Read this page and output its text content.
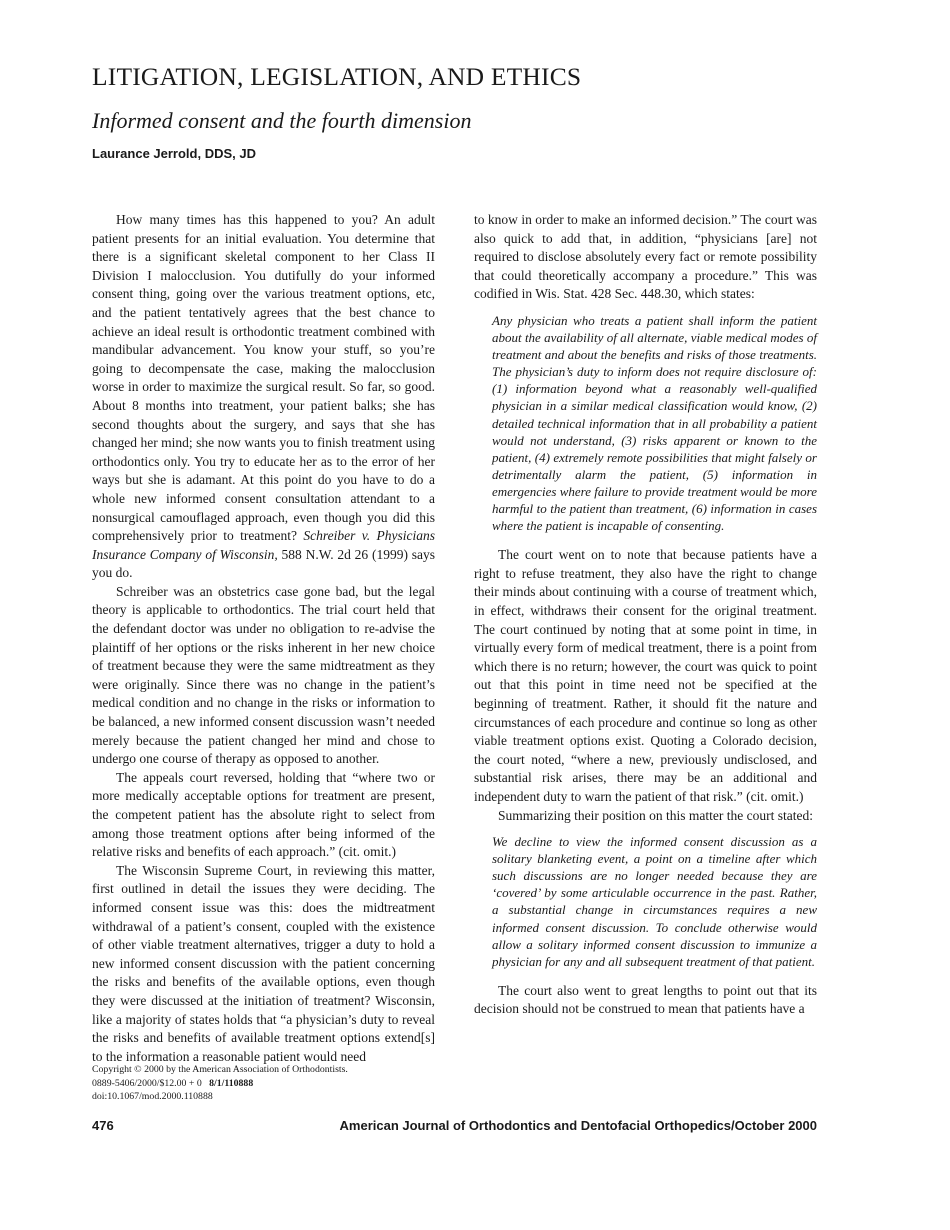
LITIGATION, LEGISLATION, AND ETHICS
Informed consent and the fourth dimension
Laurance Jerrold, DDS, JD

How many times has this happened to you? An adult patient presents for an initial evaluation. You determine that there is a significant skeletal component to her Class II Division I malocclusion. You dutifully do your informed consent thing, going over the various treatment options, etc, and the patient tentatively agrees that the best chance to achieve an ideal result is orthodontic treatment combined with mandibular advancement. You know your stuff, so you’re going to decompensate the case, making the malocclusion worse in order to maximize the surgical result. So far, so good. About 8 months into treatment, your patient balks; she has second thoughts about the surgery, and says that she has changed her mind; she now wants you to finish treatment using orthodontics only. You try to educate her as to the error of her ways but she is adamant. At this point do you have to do a whole new informed consent consultation attendant to a nonsurgical camouflaged approach, even though you did this comprehensively prior to treatment? Schreiber v. Physicians Insurance Company of Wisconsin, 588 N.W. 2d 26 (1999) says you do.

Schreiber was an obstetrics case gone bad, but the legal theory is applicable to orthodontics. The trial court held that the defendant doctor was under no obligation to re-advise the plaintiff of her options or the risks inherent in her new choice of treatment because they were the same midtreatment as they were originally. Since there was no change in the patient’s medical condition and no change in the risks or information to be balanced, a new informed consent discussion wasn’t needed merely because the patient changed her mind and chose to undergo one course of therapy as opposed to another.

The appeals court reversed, holding that “where two or more medically acceptable options for treatment are present, the competent patient has the absolute right to select from among those treatment options after being informed of the relative risks and benefits of each approach.” (cit. omit.)

The Wisconsin Supreme Court, in reviewing this matter, first outlined in detail the issues they were deciding. The informed consent issue was this: does the midtreatment withdrawal of a patient’s consent, coupled with the existence of other viable treatment alternatives, trigger a duty to hold a new informed consent discussion with the patient concerning the risks and benefits of the available options, even though they were discussed at the initiation of treatment? Wisconsin, like a majority of states holds that “a physician’s duty to reveal the risks and benefits of available treatment options extend[s] to the information a reasonable patient would need

to know in order to make an informed decision.” The court was also quick to add that, in addition, “physicians [are] not required to disclose absolutely every fact or remote possibility that could theoretically accompany a procedure.” This was codified in Wis. Stat. 428 Sec. 448.30, which states:

Any physician who treats a patient shall inform the patient about the availability of all alternate, viable medical modes of treatment and about the benefits and risks of those treatments. The physician’s duty to inform does not require disclosure of: (1) information beyond what a reasonably well-qualified physician in a similar medical classification would know, (2) detailed technical information that in all probability a patient would not understand, (3) risks apparent or known to the patient, (4) extremely remote possibilities that might falsely or detrimentally alarm the patient, (5) information in emergencies where failure to provide treatment would be more harmful to the patient than treatment, (6) information in cases where the patient is incapable of consenting.

The court went on to note that because patients have a right to refuse treatment, they also have the right to change their minds about continuing with a course of treatment which, in effect, withdraws their consent for the original treatment. The court continued by noting that at some point in time, in virtually every form of medical treatment, there is a point from which there is no return; however, the court was quick to point out that this point in time need not be specified at the beginning of treatment. Rather, it should fit the nature and circumstances of each procedure and continue so long as other viable treatment options exist. Quoting a Colorado decision, the court noted, “where a new, previously undisclosed, and substantial risk arises, there may be an additional and independent duty to warn the patient of that risk.” (cit. omit.)

Summarizing their position on this matter the court stated:

We decline to view the informed consent discussion as a solitary blanketing event, a point on a timeline after which such discussions are no longer needed because they are ‘covered’ by some articulable occurrence in the past. Rather, a substantial change in circumstances requires a new informed consent discussion. To conclude otherwise would allow a solitary informed consent discussion to immunize a physician for any and all subsequent treatment of that patient.

The court also went to great lengths to point out that its decision should not be construed to mean that patients have a

Copyright © 2000 by the American Association of Orthodontists.
0889-5406/2000/$12.00 + 0 8/1/110888
doi:10.1067/mod.2000.110888
476	American Journal of Orthodontics and Dentofacial Orthopedics/October 2000
